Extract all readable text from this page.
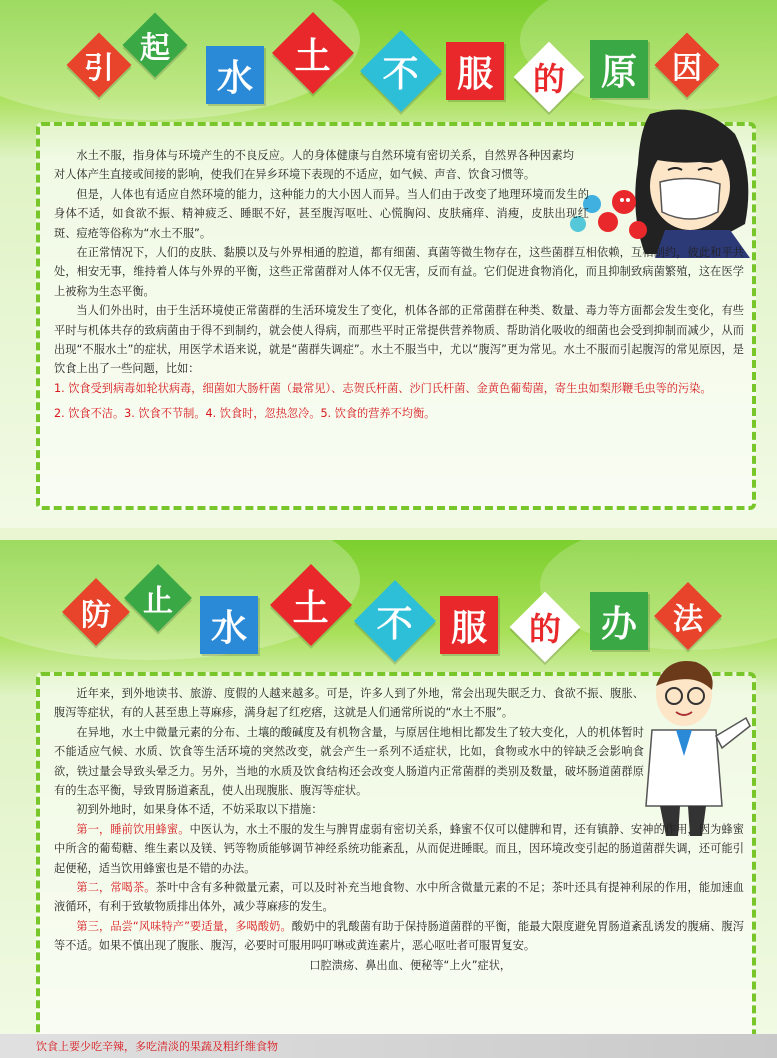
引
起
水
土 不 服 的 原 因

水土不服，指身体与环境产生的不良反应。人的身体健康与自然环境有密切关系，自然界各种因素均对人体产生直接或间接的影响，使我们在异乡环境下表现的不适应，如气候、声音、饮食习惯等。

但是，人体也有适应自然环境的能力，这种能力的大小因人而异。当人们由于改变了地理环境而发生的身体不适，如食欲不振、精神疲乏、睡眠不好，甚至腹泻呕吐、心慌胸闷、皮肤痛痒、消瘦，皮肤出现红斑、痘疮等俗称为“水土不服”。

在正常情况下，人们的皮肤、黏膜以及与外界相通的腔道，都有细菌、真菌等微生物存在，这些菌群互相依赖，互相制约，彼此和平共处，相安无事，维持着人体与外界的平衡，这些正常菌群对人体不仅无害，反而有益。它们促进食物消化，而且抑制致病菌繁殖，这在医学上被称为生态平衡。

当人们外出时，由于生活环境使正常菌群的生活环境发生了变化，机体各部的正常菌群在种类、数量、毒力等方面都会发生变化，有些平时与机体共存的致病菌由于得不到制约，就会使人得病，而那些平时正常提供营养物质、帮助消化吸收的细菌也会受到抑制而减少，从而出现“不服水土”的症状，用医学术语来说，就是“菌群失调症”。水土不服当中，尤以“腹泻”更为常见。水土不服而引起腹泻的常见原因，是饮食上出了一些问题，比如：

1. 饮食受到病毒如轮状病毒，细菌如大肠杆菌（最常见）、志贺氏杆菌、沙门氏杆菌、金黄色葡萄菌，寄生虫如梨形鞭毛虫等的污染。

2. 饮食不洁。3. 饮食不节制。4. 饮食时，忽热忽冷。5. 饮食的营养不均衡。

防 止
水 土 不 服 的 办 法

近年来，到外地读书、旅游、度假的人越来越多。可是，许多人到了外地，常会出现失眠乏力、食欲不振、腹胀、腹泻等症状，有的人甚至患上荨麻疹，满身起了红疙瘩，这就是人们通常所说的“水土不服”。

在异地，水土中微量元素的分布、土壤的酸碱度及有机物含量，与原居住地相比都发生了较大变化，人的机体暂时不能适应气候、水质、饮食等生活环境的突然改变，就会产生一系列不适症状，比如，食物或水中的锌缺乏会影响食欲，铁过量会导致头晕乏力。另外，当地的水质及饮食结构还会改变人肠道内正常菌群的类别及数量，破坏肠道菌群原有的生态平衡，导致胃肠道紊乱，使人出现腹胀、腹泻等症状。

初到外地时，如果身体不适，不妨采取以下措施：

第一，睡前饮用蜂蜜。中医认为，水土不服的发生与脾胃虚弱有密切关系，蜂蜜不仅可以健脾和胃，还有镇静、安神的作用，因为蜂蜜中所含的葡萄糖、维生素以及镁、钙等物质能够调节神经系统功能紊乱，从而促进睡眠。而且，因环境改变引起的肠道菌群失调，还可能引起便秘，适当饮用蜂蜜也是不错的办法。

第二，常喝茶。茶叶中含有多种微量元素，可以及时补充当地食物、水中所含微量元素的不足；茶叶还具有提神利尿的作用，能加速血液循环，有利于致敏物质排出体外，减少荨麻疹的发生。

第三，品尝“风味特产”要适量，多喝酸奶。酸奶中的乳酸菌有助于保持肠道菌群的平衡，能最大限度避免胃肠道紊乱诱发的腹痛、腹泻等不适。如果不慎出现了腹胀、腹泻，必要时可服用吗叮啉或黄连素片，恶心呕吐者可服胃复安。

口腔溃疡、鼻出血、便秘等“上火”症状，

饮食上要少吃辛辣，多吃清淡的果蔬及粗纤维食物
